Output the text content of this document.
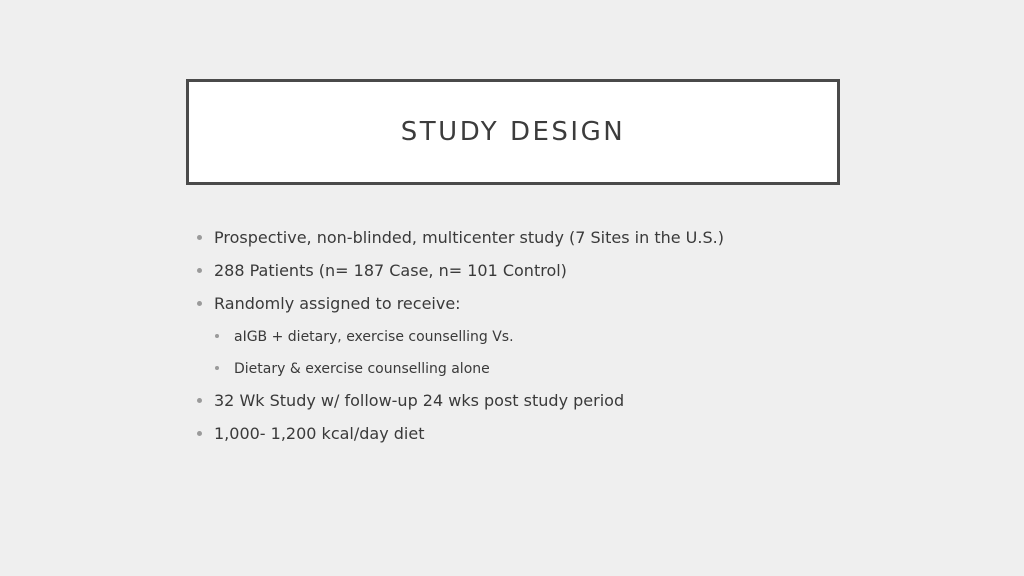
STUDY DESIGN
Prospective, non-blinded, multicenter study (7 Sites in the U.S.)
288 Patients (n= 187 Case, n= 101 Control)
Randomly assigned to receive:
aIGB + dietary, exercise counselling Vs.
Dietary & exercise counselling alone
32 Wk Study w/ follow-up 24 wks post study period
1,000- 1,200 kcal/day diet
